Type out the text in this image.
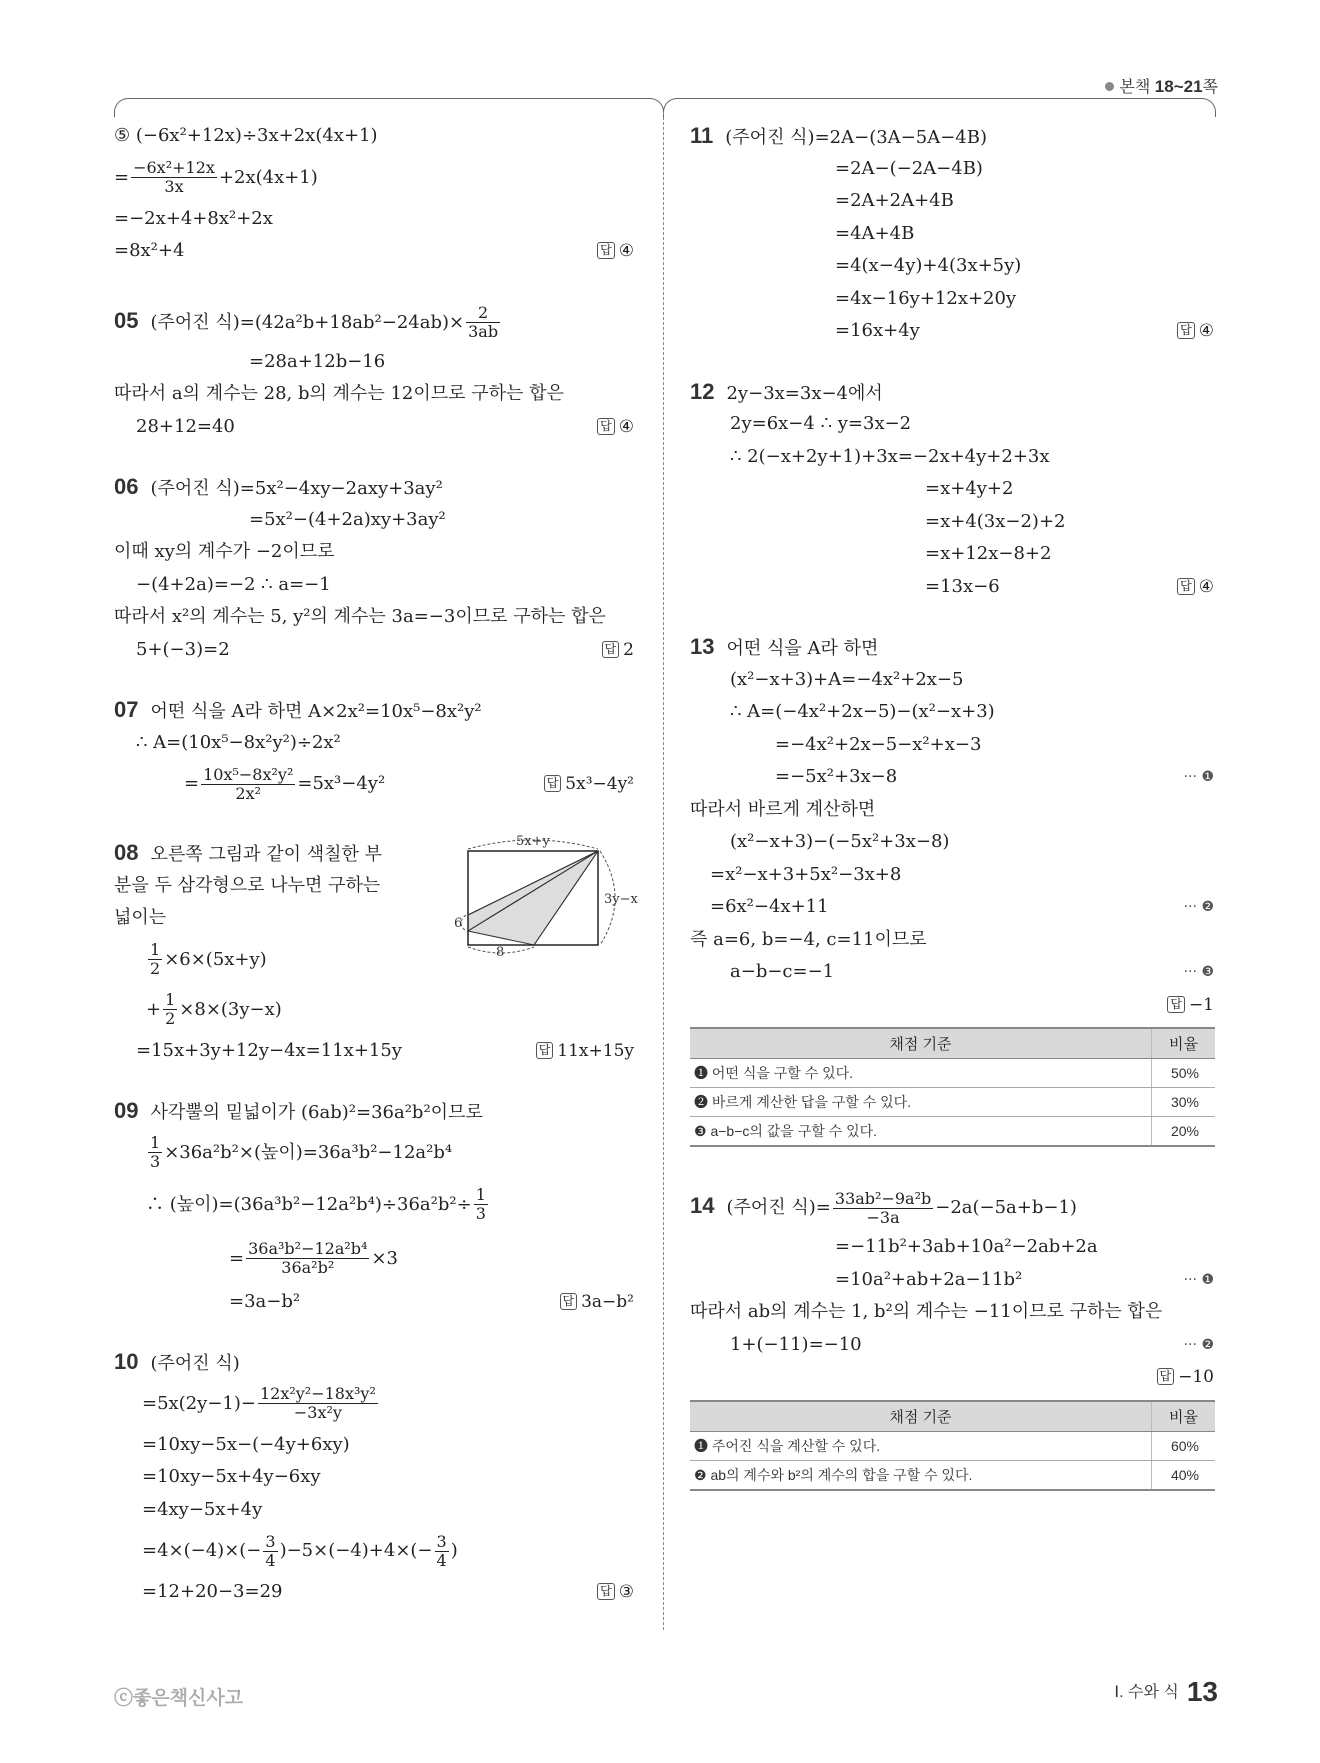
본책 18~21쪽
⑤ (−6x²+12x)÷3x+2x(4x+1)
= $\frac{\text{−6x²+12x}}{3x} +2x(4x+1)$
=−2x+4+8x²+2x
=8x²+4	답 ④
05 (주어진 식)$=(42a^2b+18ab^2-24ab)\times \frac{2}{3ab}$
=28a+12b−16
따라서 a의 계수는 28, b의 계수는 12이므로 구하는 합은
28+12=40	답 ④
06 (주어진 식)=5x²−4xy−2axy+3ay²
=5x²−(4+2a)xy+3ay²
이때 xy의 계수가 −2이므로
−(4+2a)=−2 ∴ a=−1
따라서 x²의 계수는 5, y²의 계수는 3a=−3이므로 구하는 합은
5+(−3)=2	답 2
07 어떤 식을 A라 하면 A×2x²=10x⁵−8x²y²
∴ A=(10x⁵−8x²y²)÷2x²
= $\frac{\text{10x⁵−8x²y²}}{\text{2x²}} =5x^3-4y^2$	답 5x³−4y²
5x+y
3y−x
6
8
08 오른쪽 그림과 같이 색칠한 부
분을 두 삼각형으로 나누면 구하는
넓이는
$\frac{1}{2} \times 6\times(5x+y)$
+ $\frac{1}{2} \times 8\times(3y-x)$
=15x+3y+12y−4x=11x+15y	답 11x+15y
09 사각뿔의 밑넓이가 (6ab)²=36a²b²이므로
$\frac{1}{3} \times 36a^2b^2\times$(높이)=36a³b²−12a²b⁴
∴ (높이)$=(36a^3b^2-12a^2b^4)\div 36a^2b^2\div \frac{1}{3}$
= $\frac{\text{36a³b²−12a²b⁴}}{\text{36a²b²}} \times 3$
=3a−b²	답 3a−b²
10 (주어진 식)
$=5x(2y-1)- \frac{\text{12x²y²−18x³y²}}{\text{−3x²y}}$
=10xy−5x−(−4y+6xy)
=10xy−5x+4y−6xy
=4xy−5x+4y
$=4\times(-4)\times(- \frac{3}{4} )-5\times(-4)+4\times(- \frac{3}{4}$ )
=12+20−3=29	답 ③
11 (주어진 식)=2A−(3A−5A−4B)
=2A−(−2A−4B)
=2A+2A+4B
=4A+4B
=4(x−4y)+4(3x+5y)
=4x−16y+12x+20y
=16x+4y	답 ④
12 2y−3x=3x−4에서
2y=6x−4 ∴ y=3x−2
∴ 2(−x+2y+1)+3x=−2x+4y+2+3x
=x+4y+2
=x+4(3x−2)+2
=x+12x−8+2
=13x−6	답 ④
13 어떤 식을 A라 하면
(x²−x+3)+A=−4x²+2x−5
∴ A=(−4x²+2x−5)−(x²−x+3)
=−4x²+2x−5−x²+x−3
=−5x²+3x−8	··· ❶
따라서 바르게 계산하면
(x²−x+3)−(−5x²+3x−8)
=x²−x+3+5x²−3x+8
=6x²−4x+11	··· ❷
즉 a=6, b=−4, c=11이므로
a−b−c=−1	··· ❸
답 −1
채점 기준	비율
❶ 어떤 식을 구할 수 있다.	50%
❷ 바르게 계산한 답을 구할 수 있다.	30%
❸ a−b−c의 값을 구할 수 있다.	20%
14 (주어진 식)= $\frac{\text{33ab²−9a²b}}{-3a} -2a(-5a+b-1)$
=−11b²+3ab+10a²−2ab+2a
=10a²+ab+2a−11b²	··· ❶
따라서 ab의 계수는 1, b²의 계수는 −11이므로 구하는 합은
1+(−11)=−10	··· ❷
답 −10
채점 기준	비율
❶ 주어진 식을 계산할 수 있다.	60%
❷ ab의 계수와 b²의 계수의 합을 구할 수 있다.	40%
ⓒ좋은책신사고	Ⅰ. 수와 식 13
